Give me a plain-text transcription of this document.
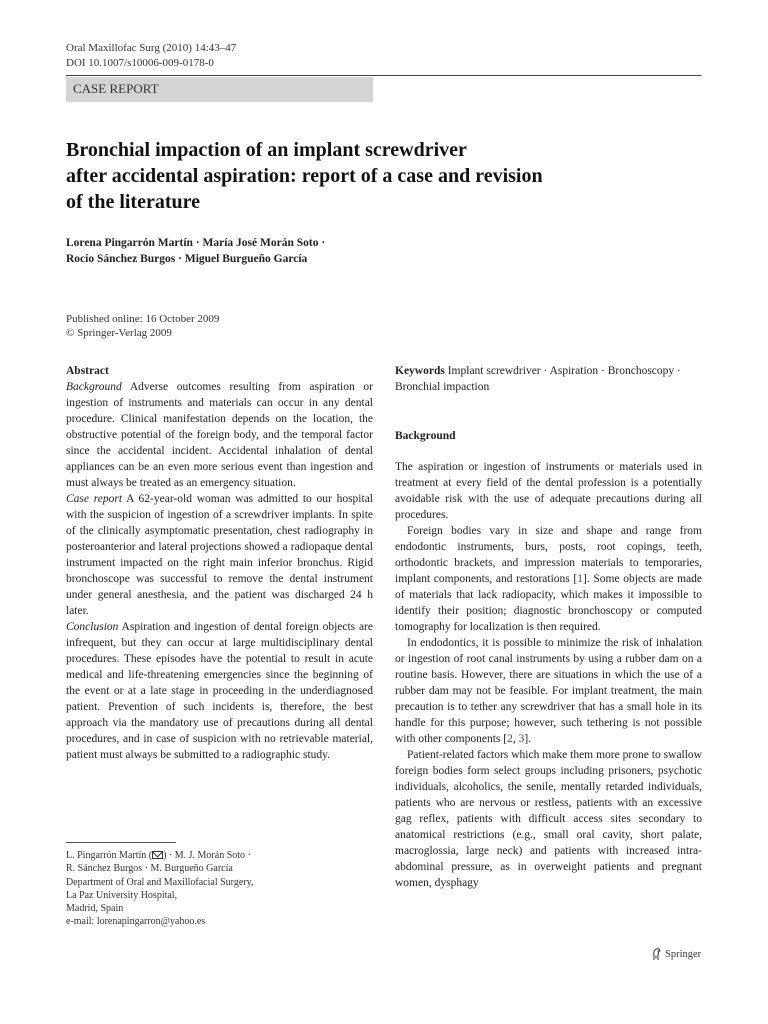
Oral Maxillofac Surg (2010) 14:43–47
DOI 10.1007/s10006-009-0178-0
CASE REPORT
Bronchial impaction of an implant screwdriver
after accidental aspiration: report of a case and revision
of the literature
Lorena Pingarrón Martín · María José Morán Soto ·
Rocío Sánchez Burgos · Miguel Burgueño García
Published online: 16 October 2009
© Springer-Verlag 2009
Abstract

Background Adverse outcomes resulting from aspiration or ingestion of instruments and materials can occur in any dental procedure. Clinical manifestation depends on the location, the obstructive potential of the foreign body, and the temporal factor since the accidental incident. Accidental inhalation of dental appliances can be an even more serious event than ingestion and must always be treated as an emergency situation.

Case report A 62-year-old woman was admitted to our hospital with the suspicion of ingestion of a screwdriver implants. In spite of the clinically asymptomatic presentation, chest radiography in posteroanterior and lateral projections showed a radiopaque dental instrument impacted on the right main inferior bronchus. Rigid bronchoscope was successful to remove the dental instrument under general anesthesia, and the patient was discharged 24 h later.

Conclusion Aspiration and ingestion of dental foreign objects are infrequent, but they can occur at large multidisciplinary dental procedures. These episodes have the potential to result in acute medical and life-threatening emergencies since the beginning of the event or at a late stage in proceeding in the underdiagnosed patient. Prevention of such incidents is, therefore, the best approach via the mandatory use of precautions during all dental procedures, and in case of suspicion with no retrievable material, patient must always be submitted to a radiographic study.

L. Pingarrón Martín ( ) · M. J. Morán Soto ·
R. Sánchez Burgos · M. Burgueño García
Department of Oral and Maxillofacial Surgery,
La Paz University Hospital,
Madrid, Spain
e-mail: lorenapingarron@yahoo.es

Keywords Implant screwdriver · Aspiration · Bronchoscopy · Bronchial impaction

Background

The aspiration or ingestion of instruments or materials used in treatment at every field of the dental profession is a potentially avoidable risk with the use of adequate precautions during all procedures.

Foreign bodies vary in size and shape and range from endodontic instruments, burs, posts, root copings, teeth, orthodontic brackets, and impression materials to temporaries, implant components, and restorations [1]. Some objects are made of materials that lack radiopacity, which makes it impossible to identify their position; diagnostic bronchoscopy or computed tomography for localization is then required.

In endodontics, it is possible to minimize the risk of inhalation or ingestion of root canal instruments by using a rubber dam on a routine basis. However, there are situations in which the use of a rubber dam may not be feasible. For implant treatment, the main precaution is to tether any screwdriver that has a small hole in its handle for this purpose; however, such tethering is not possible with other components [2, 3].

Patient-related factors which make them more prone to swallow foreign bodies form select groups including prisoners, psychotic individuals, alcoholics, the senile, mentally retarded individuals, patients who are nervous or restless, patients with an excessive gag reflex, patients with difficult access sites secondary to anatomical restrictions (e.g., small oral cavity, short palate, macroglossia, large neck) and patients with increased intra-abdominal pressure, as in overweight patients and pregnant women, dysphagy

Springer
